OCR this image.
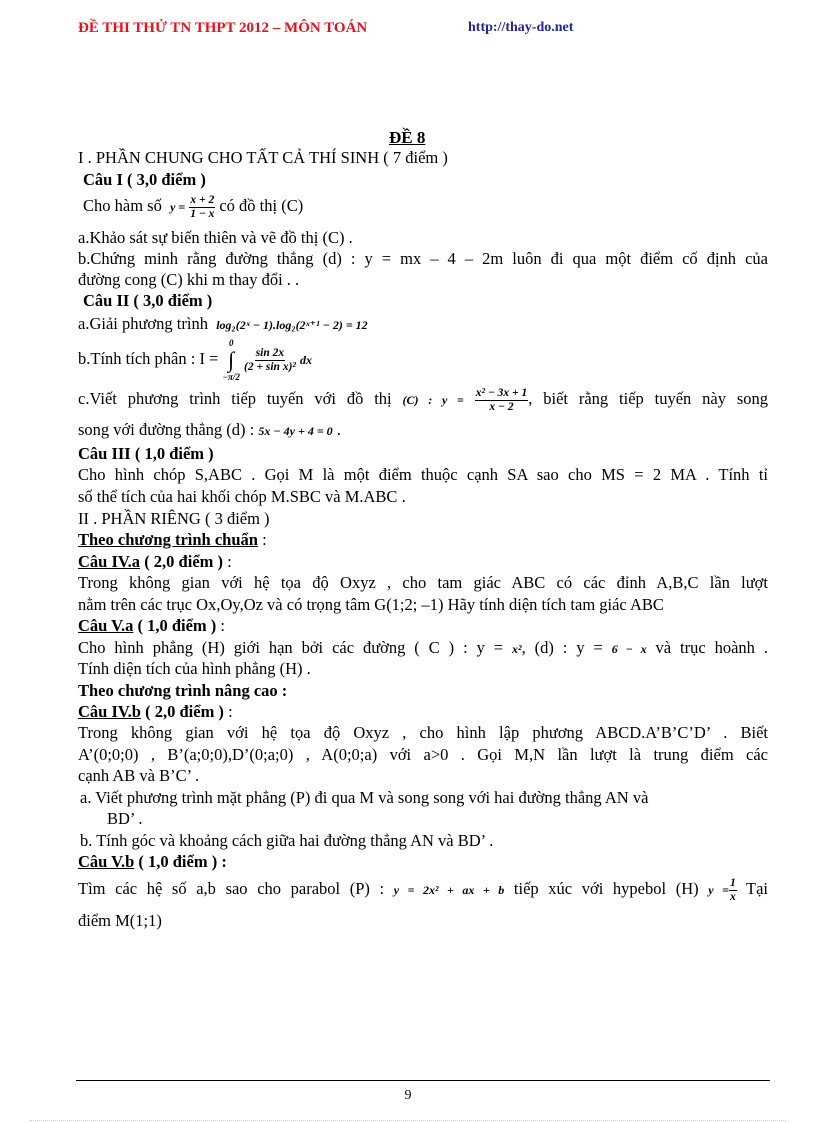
ĐỀ THI THỬ TN THPT 2012 – MÔN TOÁN	http://thay-do.net
ĐỀ 8
I . PHẦN CHUNG CHO TẤT CẢ THÍ SINH ( 7 điểm )
Câu I ( 3,0 điểm )
Cho hàm số $y = \frac{x + 2}{1 - x}$ có đồ thị (C)
a.Khảo sát sự biến thiên và vẽ đồ thị (C) .
b.Chứng minh rằng đường thẳng (d) : y = mx – 4 – 2m luôn đi qua một điểm cố định của
đường cong (C) khi m thay đổi . .
Câu II ( 3,0 điểm )
a.Giải phương trình log₂(2ˣ − 1).log₂(2ˣ⁺¹ − 2) = 12
b.Tính tích phân : I =
0
∫
−π/2

$\frac{\sin 2x}{\text{(2 + sin x)²}}$ dx
c.Viết phương trình tiếp tuyến với đồ thị (C) : $y = \frac{\text{x² − 3x + 1}}{x - 2}$ , biết rằng tiếp tuyến này song
song với đường thẳng (d) : 5x − 4y + 4 = 0 .
Câu III ( 1,0 điểm )
Cho hình chóp S,ABC . Gọi M là một điểm thuộc cạnh SA sao cho MS = 2 MA . Tính tỉ
số thể tích của hai khối chóp M.SBC và M.ABC .
II . PHẦN RIÊNG ( 3 điểm )
Theo chương trình chuẩn :
Câu IV.a ( 2,0 điểm ) :
Trong không gian với hệ tọa độ Oxyz , cho tam giác ABC có các đỉnh A,B,C lần lượt
nằm trên các trục Ox,Oy,Oz và có trọng tâm G(1;2; –1) Hãy tính diện tích tam giác ABC
Câu V.a ( 1,0 điểm ) :
Cho hình phẳng (H) giới hạn bởi các đường ( C ) : y = x², (d) : y = 6 − x và trục hoành .
Tính diện tích của hình phẳng (H) .
Theo chương trình nâng cao :
Câu IV.b ( 2,0 điểm ) :
Trong không gian với hệ tọa độ Oxyz , cho hình lập phương ABCD.A’B’C’D’ . Biết
A’(0;0;0) , B’(a;0;0),D’(0;a;0) , A(0;0;a) với a>0 . Gọi M,N lần lượt là trung điểm các
cạnh AB và B’C’ .
a. Viết phương trình mặt phẳng (P) đi qua M và song song với hai đường thẳng AN và
BD’ .
b. Tính góc và khoảng cách giữa hai đường thẳng AN và BD’ .
Câu V.b ( 1,0 điểm ) :
Tìm các hệ số a,b sao cho parabol (P) : y = 2x² + ax + b tiếp xúc với hypebol (H) $y = \frac{1}{x}$ Tại
điểm M(1;1)
9
